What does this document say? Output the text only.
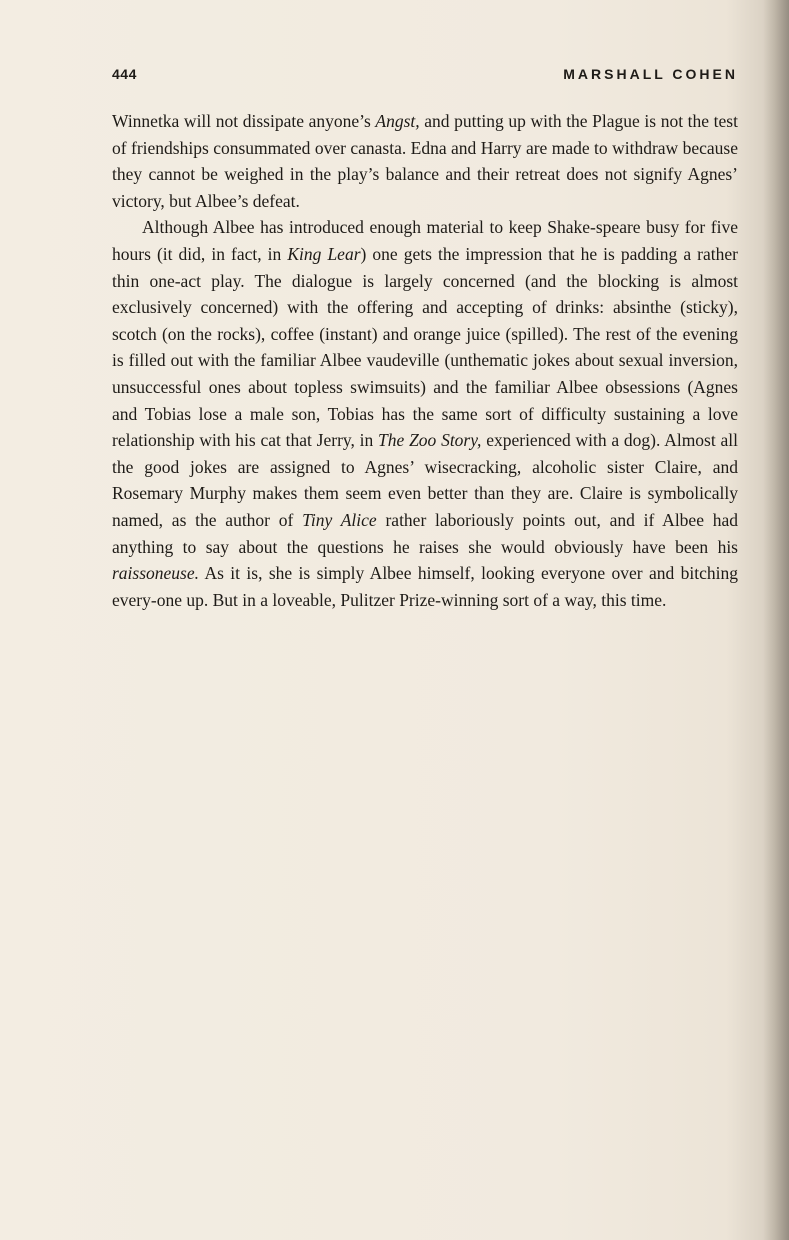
444	MARSHALL COHEN

Winnetka will not dissipate anyone’s Angst, and putting up with the Plague is not the test of friendships consummated over canasta. Edna and Harry are made to withdraw because they cannot be weighed in the play’s balance and their retreat does not signify Agnes’ victory, but Albee’s defeat.

Although Albee has introduced enough material to keep Shake-speare busy for five hours (it did, in fact, in King Lear) one gets the impression that he is padding a rather thin one-act play. The dialogue is largely concerned (and the blocking is almost exclusively concerned) with the offering and accepting of drinks: absinthe (sticky), scotch (on the rocks), coffee (instant) and orange juice (spilled). The rest of the evening is filled out with the familiar Albee vaudeville (unthematic jokes about sexual inversion, unsuccessful ones about topless swimsuits) and the familiar Albee obsessions (Agnes and Tobias lose a male son, Tobias has the same sort of difficulty sustaining a love relationship with his cat that Jerry, in The Zoo Story, experienced with a dog). Almost all the good jokes are assigned to Agnes’ wisecracking, alcoholic sister Claire, and Rosemary Murphy makes them seem even better than they are. Claire is symbolically named, as the author of Tiny Alice rather laboriously points out, and if Albee had anything to say about the questions he raises she would obviously have been his raissoneuse. As it is, she is simply Albee himself, looking everyone over and bitching every-one up. But in a loveable, Pulitzer Prize-winning sort of a way, this time.
